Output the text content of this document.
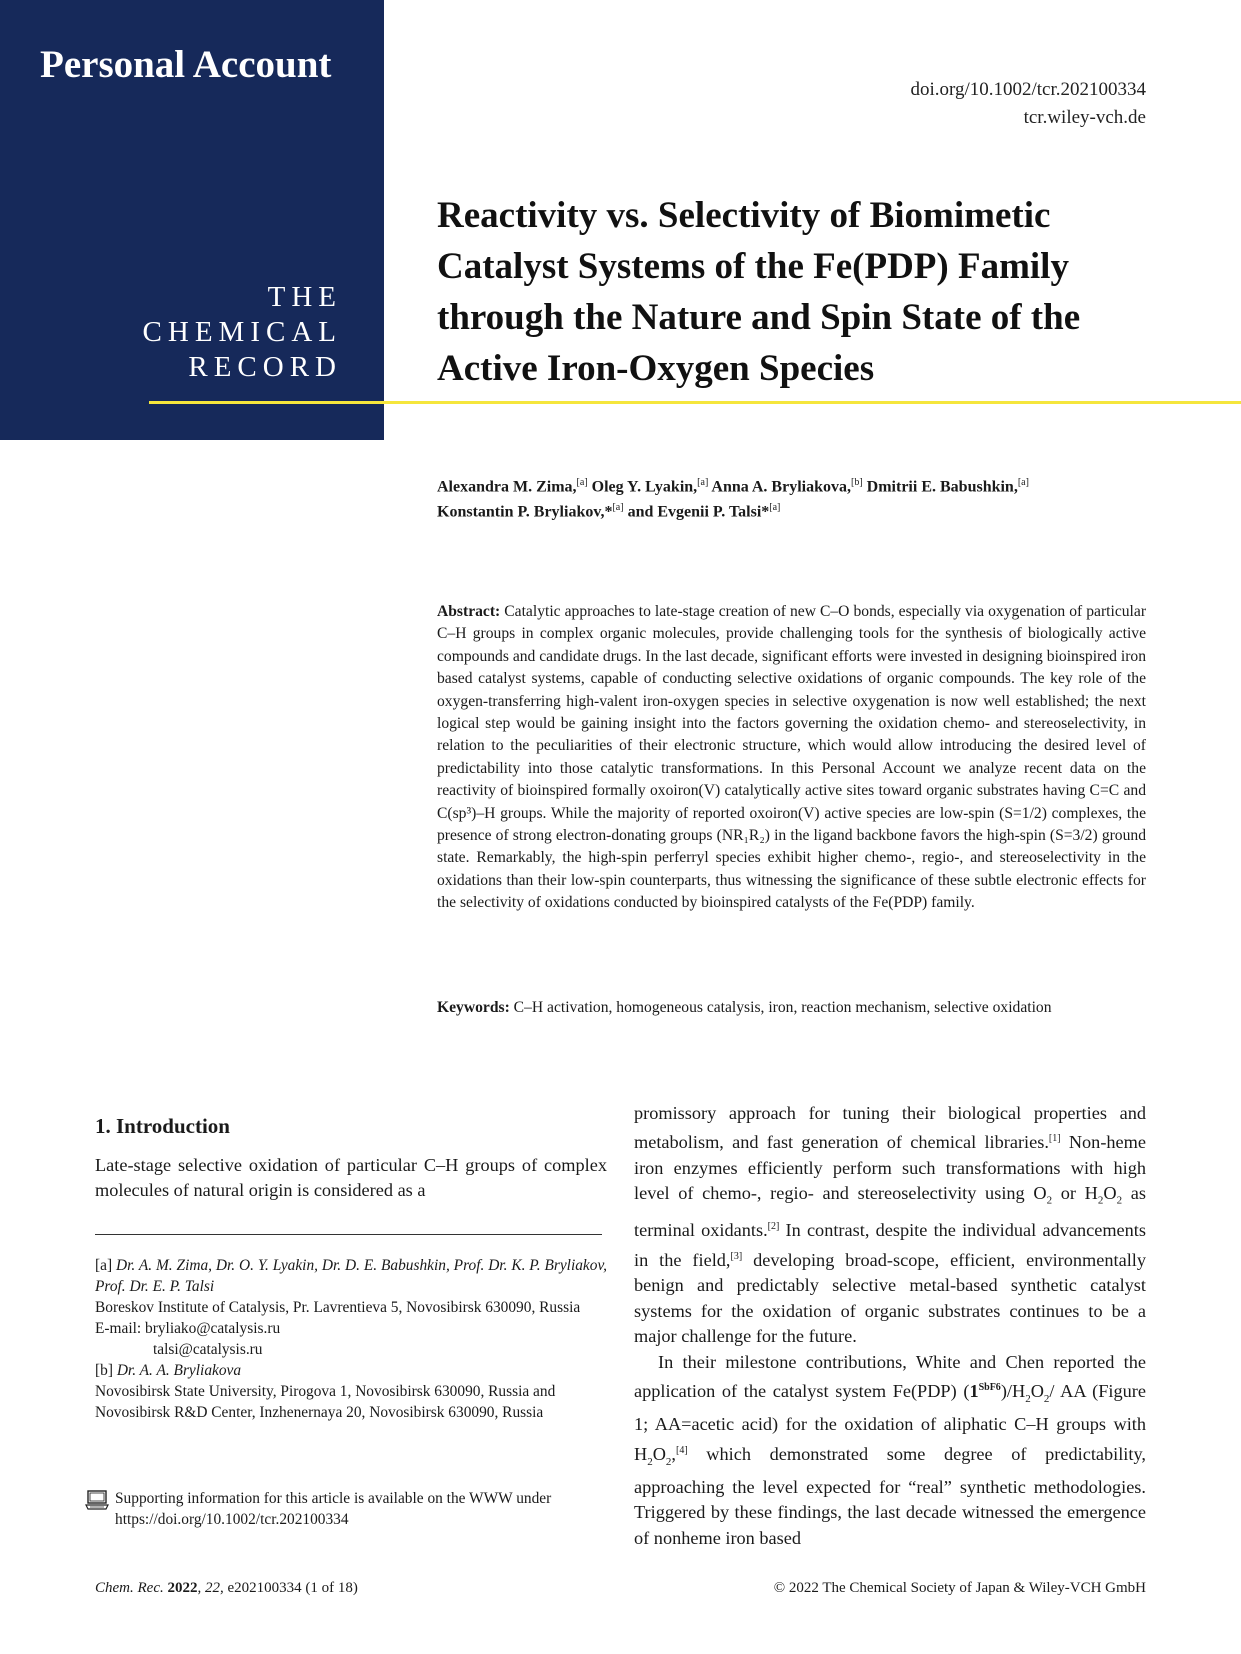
Personal Account
THE
CHEMICAL
RECORD
doi.org/10.1002/tcr.202100334
tcr.wiley-vch.de
Reactivity vs. Selectivity of Biomimetic Catalyst Systems of the Fe(PDP) Family through the Nature and Spin State of the Active Iron-Oxygen Species
Alexandra M. Zima,[a] Oleg Y. Lyakin,[a] Anna A. Bryliakova,[b] Dmitrii E. Babushkin,[a]
Konstantin P. Bryliakov,*[a] and Evgenii P. Talsi*[a]
Abstract: Catalytic approaches to late-stage creation of new C–O bonds, especially via oxygenation of particular C–H groups in complex organic molecules, provide challenging tools for the synthesis of biologically active compounds and candidate drugs. In the last decade, significant efforts were invested in designing bioinspired iron based catalyst systems, capable of conducting selective oxidations of organic compounds. The key role of the oxygen-transferring high-valent iron-oxygen species in selective oxygenation is now well established; the next logical step would be gaining insight into the factors governing the oxidation chemo- and stereoselectivity, in relation to the peculiarities of their electronic structure, which would allow introducing the desired level of predictability into those catalytic transformations. In this Personal Account we analyze recent data on the reactivity of bioinspired formally oxoiron(V) catalytically active sites toward organic substrates having C=C and C(sp³)–H groups. While the majority of reported oxoiron(V) active species are low-spin (S=1/2) complexes, the presence of strong electron-donating groups (NR₁R₂) in the ligand backbone favors the high-spin (S=3/2) ground state. Remarkably, the high-spin perferryl species exhibit higher chemo-, regio-, and stereoselectivity in the oxidations than their low-spin counterparts, thus witnessing the significance of these subtle electronic effects for the selectivity of oxidations conducted by bioinspired catalysts of the Fe(PDP) family.
Keywords: C–H activation, homogeneous catalysis, iron, reaction mechanism, selective oxidation
1. Introduction
Late-stage selective oxidation of particular C–H groups of complex molecules of natural origin is considered as a

[a] Dr. A. M. Zima, Dr. O. Y. Lyakin, Dr. D. E. Babushkin, Prof. Dr. K. P. Bryliakov, Prof. Dr. E. P. Talsi

Boreskov Institute of Catalysis, Pr. Lavrentieva 5, Novosibirsk 630090, Russia

E-mail: bryliako@catalysis.ru

talsi@catalysis.ru

[b] Dr. A. A. Bryliakova

Novosibirsk State University, Pirogova 1, Novosibirsk 630090, Russia and

Novosibirsk R&D Center, Inzhenernaya 20, Novosibirsk 630090, Russia

Supporting information for this article is available on the WWW under https://doi.org/10.1002/tcr.202100334

promissory approach for tuning their biological properties and metabolism, and fast generation of chemical libraries.[1] Non-heme iron enzymes efficiently perform such transformations with high level of chemo-, regio- and stereoselectivity using $O_2$ or $H_2O_2$ as terminal oxidants.[2] In contrast, despite the individual advancements in the field,[3] developing broad-scope, efficient, environmentally benign and predictably selective metal-based synthetic catalyst systems for the oxidation of organic substrates continues to be a major challenge for the future.

In their milestone contributions, White and Chen reported the application of the catalyst system Fe(PDP) $(1^{SbF6})/H_2O_2/$ AA (Figure 1; AA=acetic acid) for the oxidation of aliphatic C–H groups with $H_2O_2,[4]$ which demonstrated some degree of predictability, approaching the level expected for “real” synthetic methodologies. Triggered by these findings, the last decade witnessed the emergence of nonheme iron based

Chem. Rec. 2022, 22, e202100334 (1 of 18)	© 2022 The Chemical Society of Japan & Wiley-VCH GmbH
